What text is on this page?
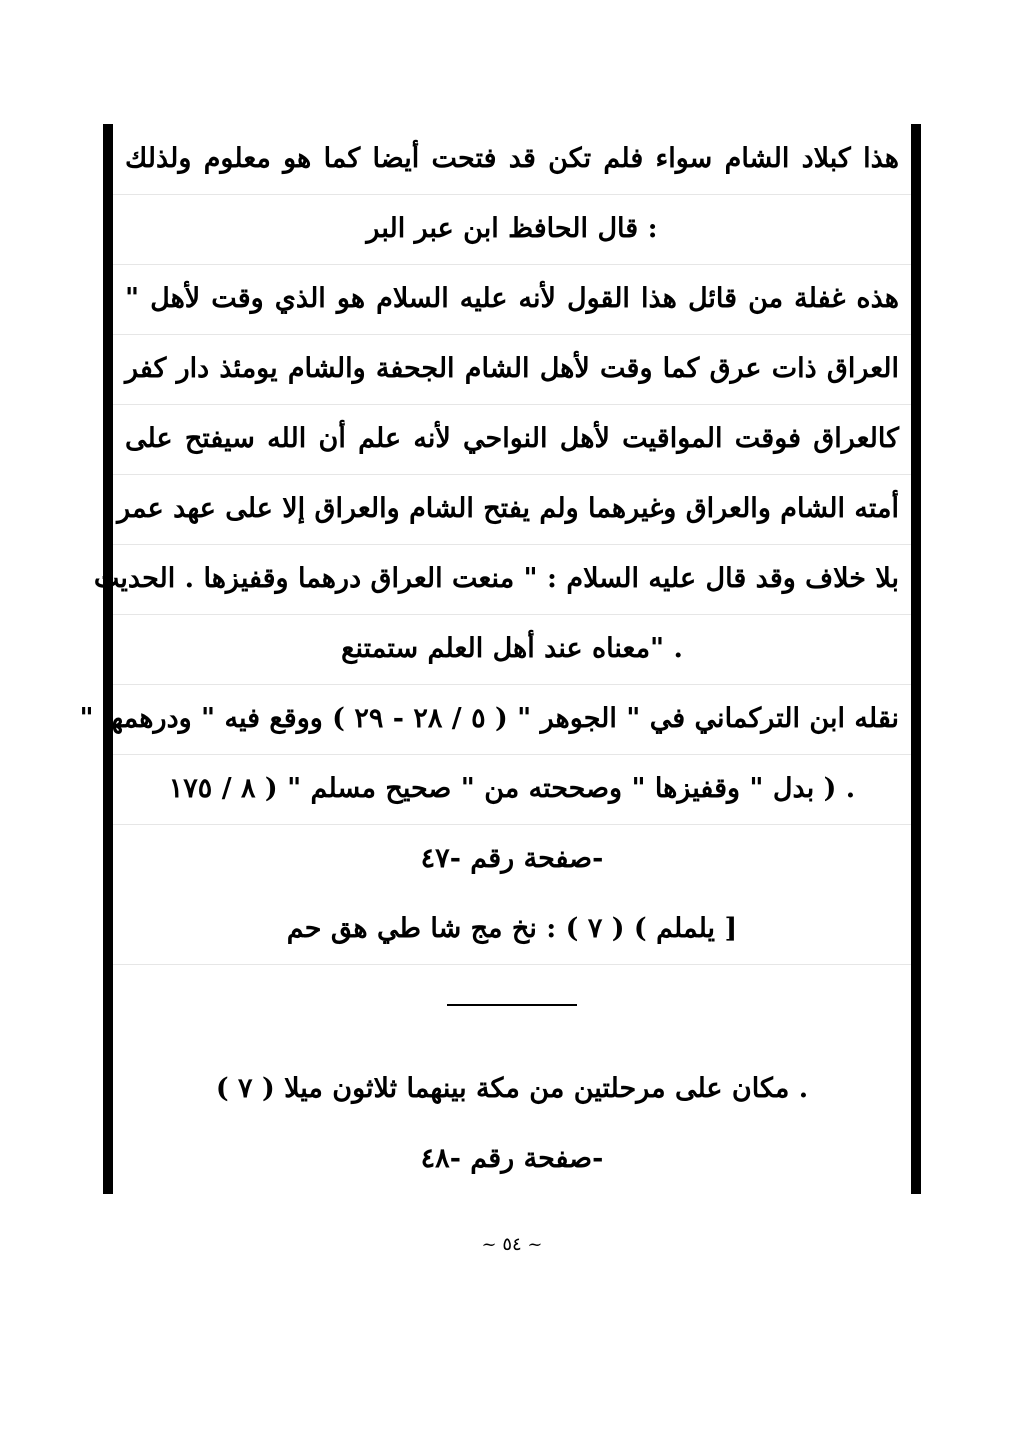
هذا كبلاد الشام سواء فلم تكن قد فتحت أيضا كما هو معلوم ولذلك
: قال الحافظ ابن عبر البر
هذه غفلة من قائل هذا القول لأنه عليه السلام هو الذي وقت لأهل "
العراق ذات عرق كما وقت لأهل الشام الجحفة والشام يومئذ دار كفر
كالعراق فوقت المواقيت لأهل النواحي لأنه علم أن الله سيفتح على
أمته الشام والعراق وغيرهما ولم يفتح الشام والعراق إلا على عهد عمر
بلا خلاف وقد قال عليه السلام : " منعت العراق درهما وقفيزها . الحديث
. "معناه عند أهل العلم ستمتنع
نقله ابن التركماني في " الجوهر " ( ٥ / ٢٨ - ٢٩ ) ووقع فيه " ودرهمها "
. ( بدل " وقفيزها " وصححته من " صحيح مسلم " ( ٨ / ١٧٥
-صفحة رقم -٤٧
[ يلملم ) ( ٧ ) : نخ مج شا طي هق حم
. مكان على مرحلتين من مكة بينهما ثلاثون ميلا ( ٧ )
-صفحة رقم -٤٨
~ ٥٤ ~
